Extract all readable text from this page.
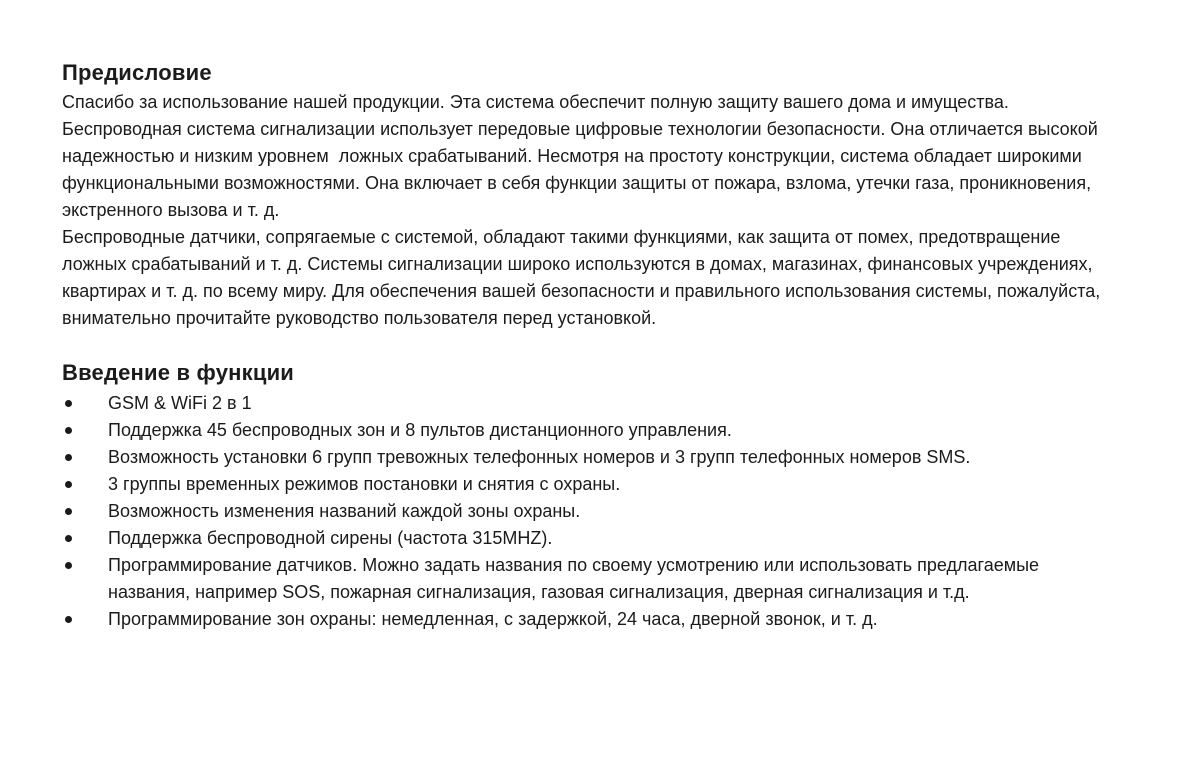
Предисловие

Спасибо за использование нашей продукции. Эта система обеспечит полную защиту вашего дома и имущества.

Беспроводная система сигнализации использует передовые цифровые технологии безопасности. Она отличается высокой надежностью и низким уровнем  ложных срабатываний. Несмотря на простоту конструкции, система обладает широкими функциональными возможностями. Она включает в себя функции защиты от пожара, взлома, утечки газа, проникновения, экстренного вызова и т. д.

Беспроводные датчики, сопрягаемые с системой, обладают такими функциями, как защита от помех, предотвращение ложных срабатываний и т. д. Системы сигнализации широко используются в домах, магазинах, финансовых учреждениях, квартирах и т. д. по всему миру. Для обеспечения вашей безопасности и правильного использования системы, пожалуйста, внимательно прочитайте руководство пользователя перед установкой.

Введение в функции
GSM & WiFi 2 в 1
Поддержка 45 беспроводных зон и 8 пультов дистанционного управления.
Возможность установки 6 групп тревожных телефонных номеров и 3 групп телефонных номеров SMS.
3 группы временных режимов постановки и снятия с охраны.
Возможность изменения названий каждой зоны охраны.
Поддержка беспроводной сирены (частота 315MHZ).
Программирование датчиков. Можно задать названия по своему усмотрению или использовать предлагаемые названия, например SOS, пожарная сигнализация, газовая сигнализация, дверная сигнализация и т.д.
Программирование зон охраны: немедленная, с задержкой, 24 часа, дверной звонок, и т. д.
